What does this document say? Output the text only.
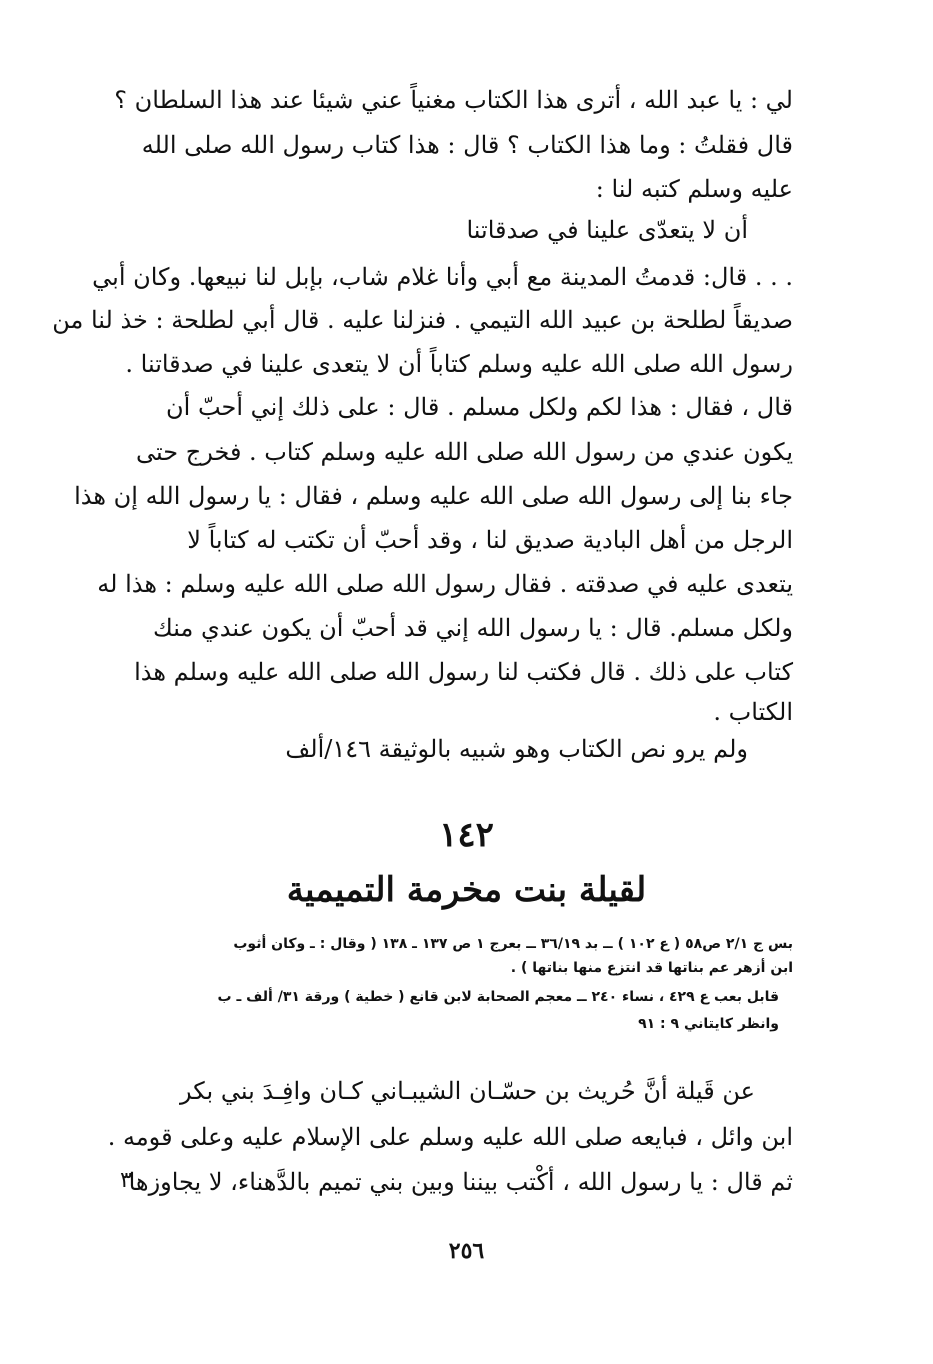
لي : يا عبد الله ، أترى هذا الكتاب مغنياً عني شيئا عند هذا السلطان ؟
قال فقلتُ : وما هذا الكتاب ؟ قال : هذا كتاب رسول الله صلى الله
عليه وسلم كتبه لنا :
أن لا يتعدّى علينا في صدقاتنا
. . . قال: قدمتُ المدينة مع أبي وأنا غلام شاب، بإبل لنا نبيعها. وكان أبي
صديقاً لطلحة بن عبيد الله التيمي . فنزلنا عليه . قال أبي لطلحة : خذ لنا من
رسول الله صلى الله عليه وسلم كتاباً أن لا يتعدى علينا في صدقاتنا .
قال ، فقال : هذا لكم ولكل مسلم . قال : على ذلك إني أحبّ أن
يكون عندي من رسول الله صلى الله عليه وسلم كتاب . فخرج حتى
جاء بنا إلى رسول الله صلى الله عليه وسلم ، فقال : يا رسول الله إن هذا
الرجل من أهل البادية صديق لنا ، وقد أحبّ أن تكتب له كتاباً لا
يتعدى عليه في صدقته . فقال رسول الله صلى الله عليه وسلم : هذا له
ولكل مسلم. قال : يا رسول الله إني قد أحبّ أن يكون عندي منك
كتاب على ذلك . قال فكتب لنا رسول الله صلى الله عليه وسلم هذا
الكتاب .
ولم يرو نص الكتاب وهو شبيه بالوثيقة ١٤٦/ألف
١٤٢
لقيلة بنت مخرمة التميمية
بس ج ٢/١ ص٥٨ ( ع ١٠٢ ) ــ بد ٣٦/١٩ ــ بعرج ١ ص ١٣٧ ـ ١٣٨ ( وقال : ـ وكان أثوب
ابن أزهر عم بناتها قد انتزع منها بناتها ) .
قابل بعب ع ٤٢٩ ، نساء ٢٤٠ ــ معجم الصحابة لابن قانع ( خطية ) ورقة ٣١/ ألف ـ ب
وانظر كايتاني ٩ : ٩١
عن قَيلة أنَّ حُريث بن حسّـان الشيبـاني كـان وافِـدَ بني بكر
ابن وائل ، فبايعه صلى الله عليه وسلم على الإسلام عليه وعلى قومه .
ثم قال : يا رسول الله ، أكْتب بيننا وبين بني تميم بالدَّهناء، لا يجاوزها
٣
٢٥٦
